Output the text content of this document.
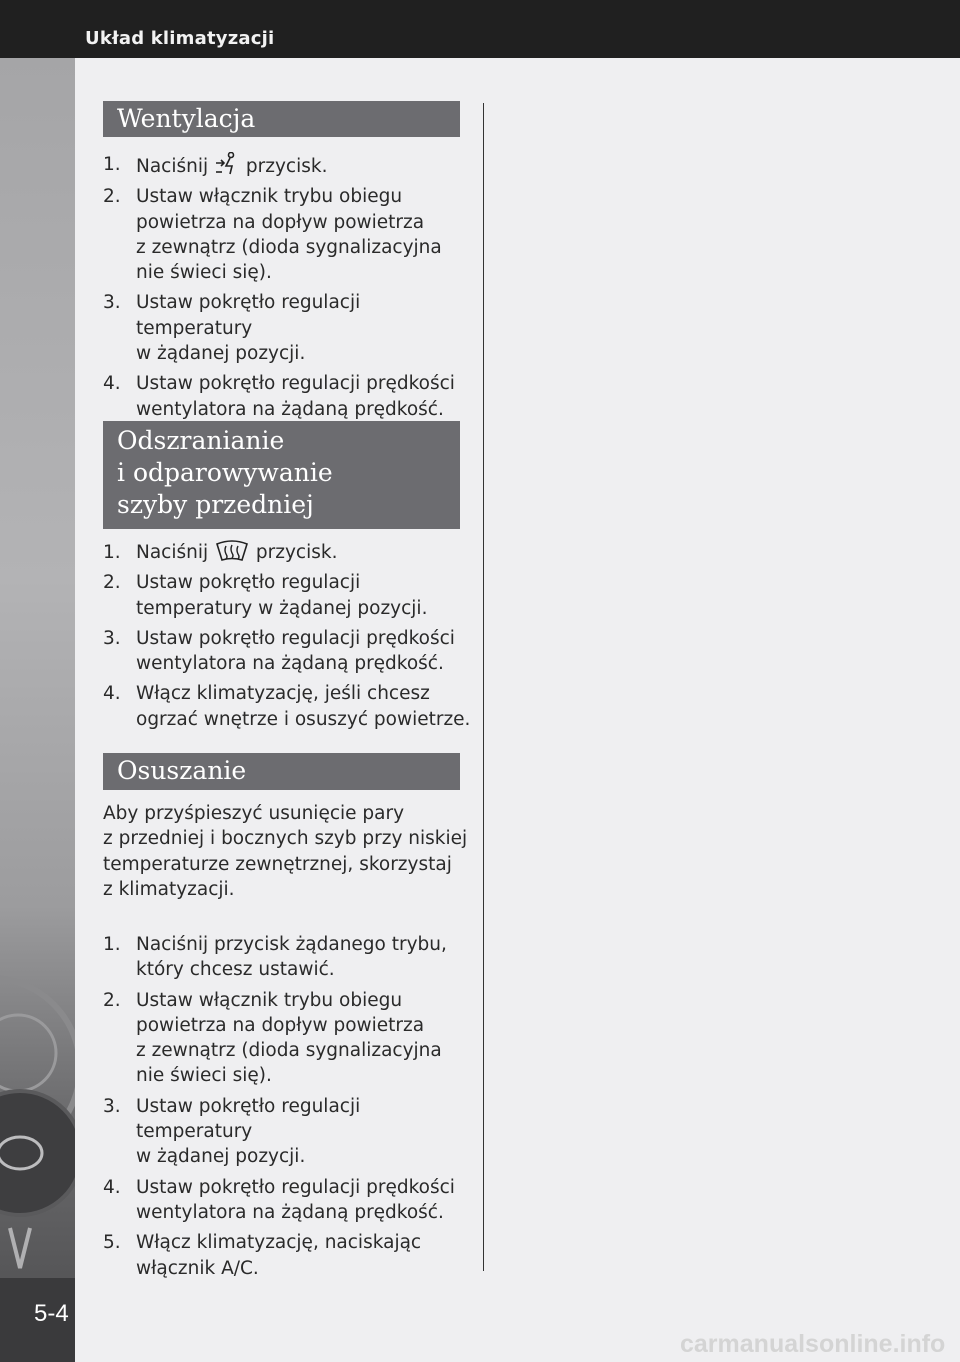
Układ klimatyzacji
5-4
Wentylacja
1. Naciśnij przycisk.
2. Ustaw włącznik trybu obiegu
powietrza na dopływ powietrza
z zewnątrz (dioda sygnalizacyjna
nie świeci się).
3. Ustaw pokrętło regulacji temperatury
w żądanej pozycji.
4. Ustaw pokrętło regulacji prędkości
wentylatora na żądaną prędkość.
Odszranianie
i odparowywanie
szyby przedniej
1. Naciśnij	przycisk.
2. Ustaw pokrętło regulacji
temperatury w żądanej pozycji.
3. Ustaw pokrętło regulacji prędkości
wentylatora na żądaną prędkość.
4. Włącz klimatyzację, jeśli chcesz
ogrzać wnętrze i osuszyć powietrze.
Osuszanie

Aby przyśpieszyć usunięcie pary
z przedniej i bocznych szyb przy niskiej
temperaturze zewnętrznej, skorzystaj
z klimatyzacji.

1. Naciśnij przycisk żądanego trybu,
który chcesz ustawić.
2. Ustaw włącznik trybu obiegu
powietrza na dopływ powietrza
z zewnątrz (dioda sygnalizacyjna
nie świeci się).
3. Ustaw pokrętło regulacji temperatury
w żądanej pozycji.
4. Ustaw pokrętło regulacji prędkości
wentylatora na żądaną prędkość.
5. Włącz klimatyzację, naciskając
włącznik A/C.
carmanualsonline.info
